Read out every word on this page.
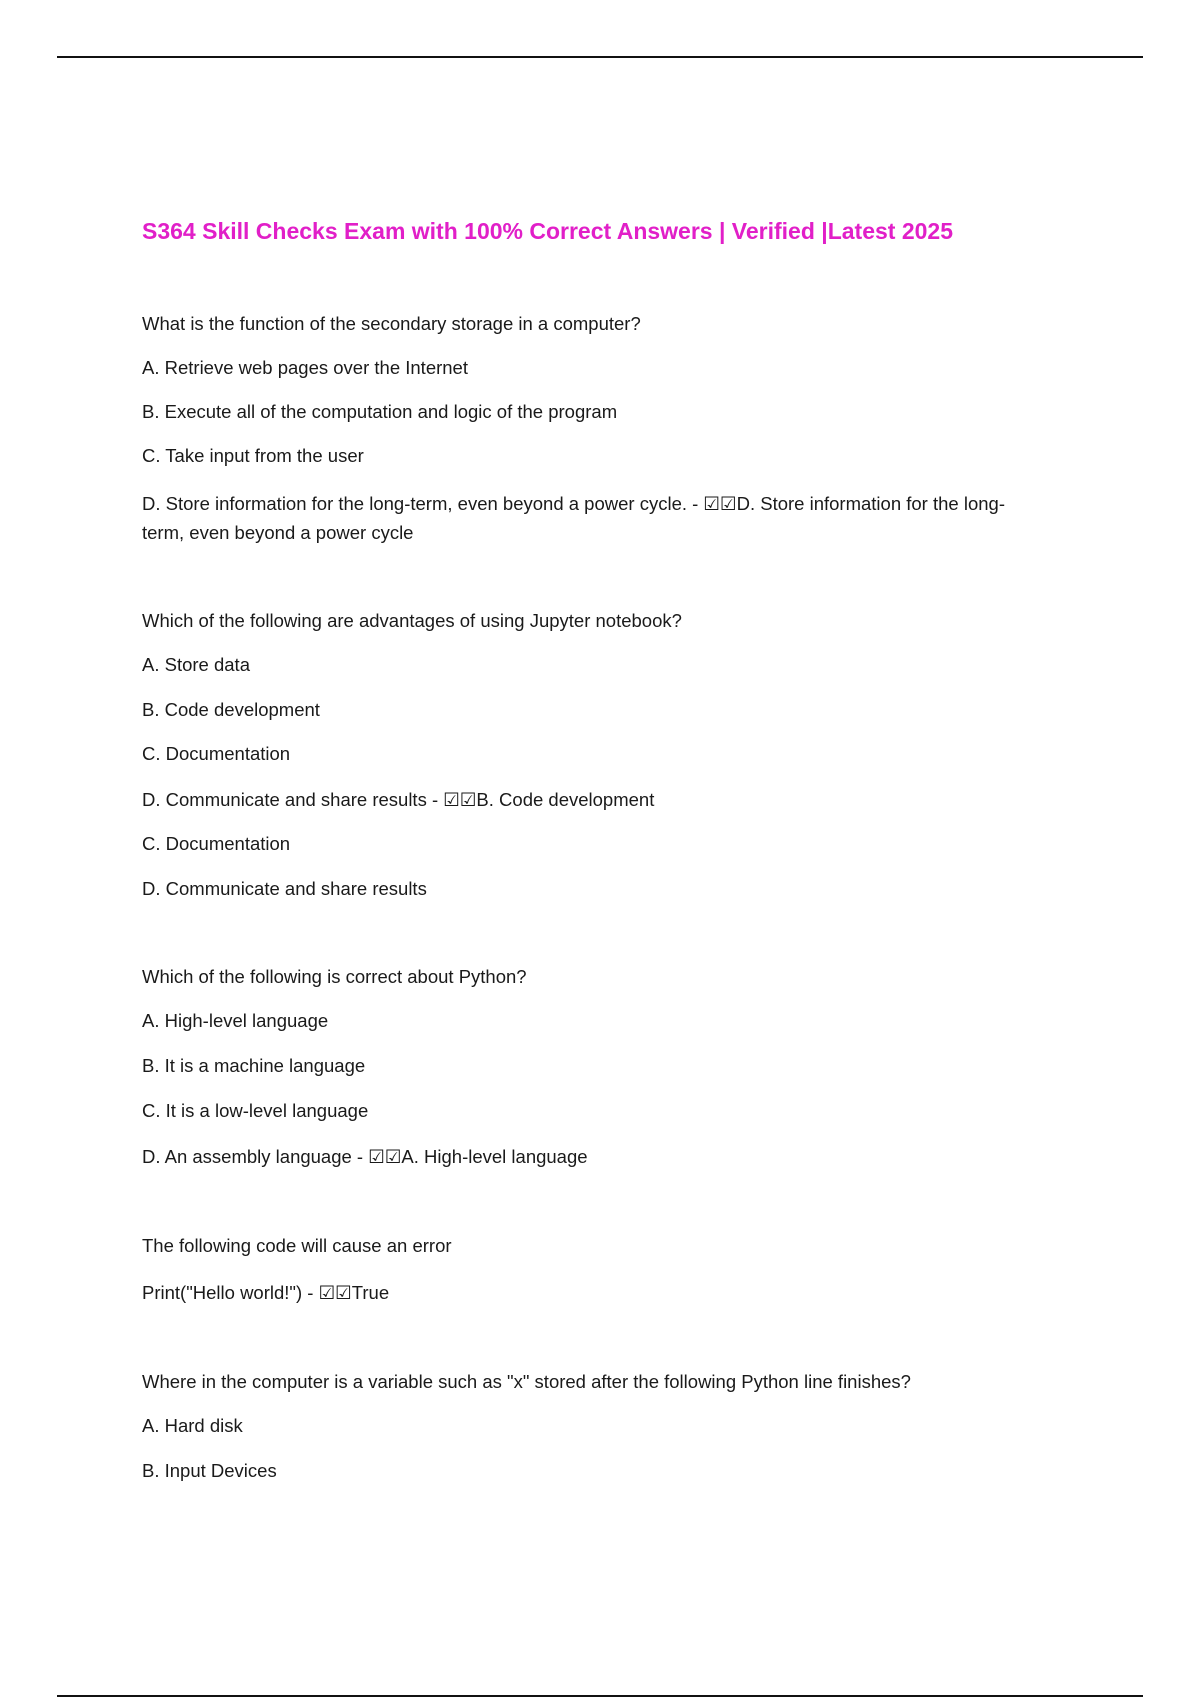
S364 Skill Checks Exam with 100% Correct Answers | Verified |Latest 2025

What is the function of the secondary storage in a computer?

A. Retrieve web pages over the Internet

B. Execute all of the computation and logic of the program

C. Take input from the user

D. Store information for the long-term, even beyond a power cycle. - ☑☑D. Store information for the long-term, even beyond a power cycle

Which of the following are advantages of using Jupyter notebook?

A. Store data

B. Code development

C. Documentation

D. Communicate and share results - ☑☑B. Code development

C. Documentation

D. Communicate and share results

Which of the following is correct about Python?

A. High-level language

B. It is a machine language

C. It is a low-level language

D. An assembly language - ☑☑A. High-level language

The following code will cause an error

Print("Hello world!") - ☑☑True

Where in the computer is a variable such as "x" stored after the following Python line finishes?

A. Hard disk

B. Input Devices
